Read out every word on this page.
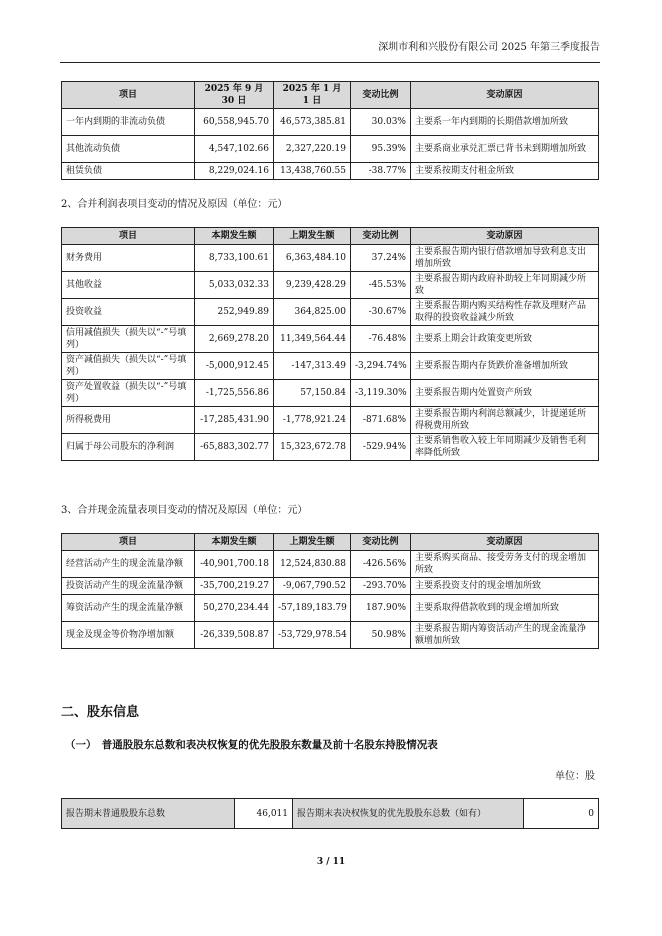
深圳市利和兴股份有限公司 2025 年第三季度报告
项目	2025 年 9 月 30 日	2025 年 1 月 1 日	变动比例	变动原因
一年内到期的非流动负债	60,558,945.70	46,573,385.81	30.03%	主要系一年内到期的长期借款增加所致
其他流动负债	4,547,102.66	2,327,220.19	95.39%	主要系商业承兑汇票已背书未到期增加所致
租赁负债	8,229,024.16	13,438,760.55	-38.77%	主要系按期支付租金所致
2、合并利润表项目变动的情况及原因（单位：元）
项目	本期发生额	上期发生额	变动比例	变动原因
财务费用	8,733,100.61	6,363,484.10	37.24%	主要系报告期内银行借款增加导致利息支出增加所致
其他收益	5,033,032.33	9,239,428.29	-45.53%	主要系报告期内政府补助较上年同期减少所致
投资收益	252,949.89	364,825.00	-30.67%	主要系报告期内购买结构性存款及理财产品取得的投资收益减少所致
信用减值损失（损失以“-”号填列）	2,669,278.20	11,349,564.44	-76.48%	主要系上期会计政策变更所致
资产减值损失（损失以“-”号填列）	-5,000,912.45	-147,313.49	-3,294.74%	主要系报告期内存货跌价准备增加所致
资产处置收益（损失以“-”号填列）	-1,725,556.86	57,150.84	-3,119.30%	主要系报告期内处置资产所致
所得税费用	-17,285,431.90	-1,778,921.24	-871.68%	主要系报告期内利润总额减少，计提递延所得税费用所致
归属于母公司股东的净利润	-65,883,302.77	15,323,672.78	-529.94%	主要系销售收入较上年同期减少及销售毛利率降低所致
3、合并现金流量表项目变动的情况及原因（单位：元）
项目	本期发生额	上期发生额	变动比例	变动原因
经营活动产生的现金流量净额	-40,901,700.18	12,524,830.88	-426.56%	主要系购买商品、接受劳务支付的现金增加所致
投资活动产生的现金流量净额	-35,700,219.27	-9,067,790.52	-293.70%	主要系投资支付的现金增加所致
筹资活动产生的现金流量净额	50,270,234.44	-57,189,183.79	187.90%	主要系取得借款收到的现金增加所致
现金及现金等价物净增加额	-26,339,508.87	-53,729,978.54	50.98%	主要系报告期内筹资活动产生的现金流量净额增加所致
二、股东信息
（一）　普通股股东总数和表决权恢复的优先股股东数量及前十名股东持股情况表
单位：股
报告期末普通股股东总数	46,011	报告期末表决权恢复的优先股股东总数（如有）	0
3 / 11
